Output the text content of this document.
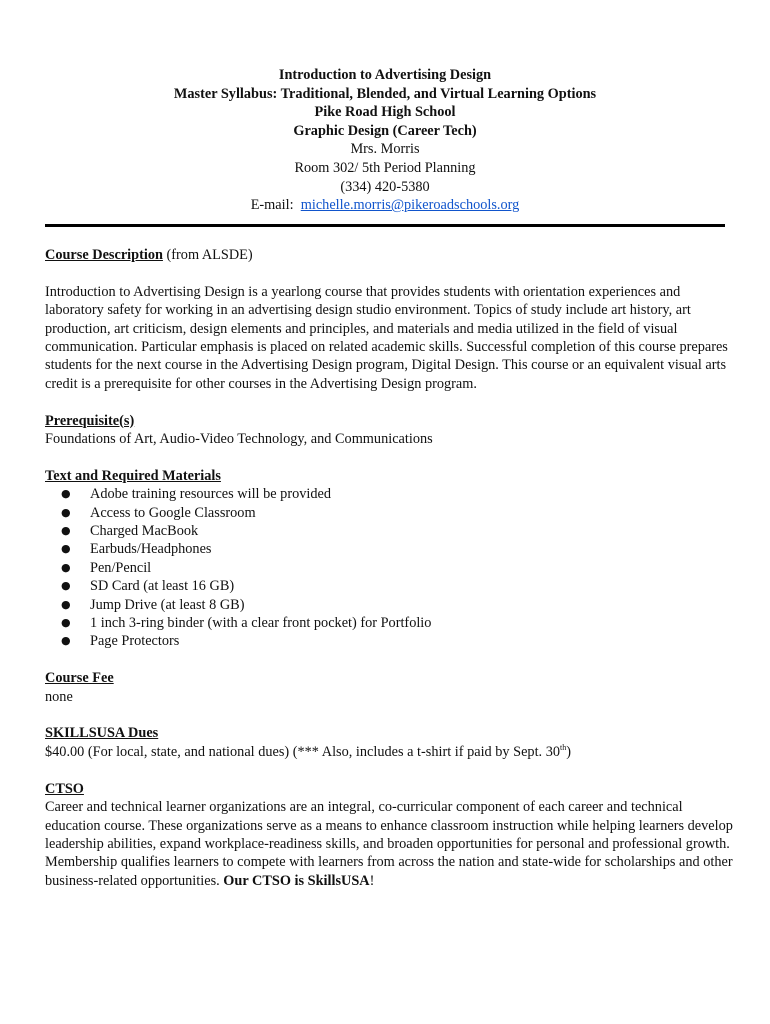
Introduction to Advertising Design
Master Syllabus: Traditional, Blended, and Virtual Learning Options
Pike Road High School
Graphic Design (Career Tech)
Mrs. Morris
Room 302/ 5th Period Planning
(334) 420-5380
E-mail: michelle.morris@pikeroadschools.org
Course Description (from ALSDE)

Introduction to Advertising Design is a yearlong course that provides students with orientation experiences and laboratory safety for working in an advertising design studio environment. Topics of study include art history, art production, art criticism, design elements and principles, and materials and media utilized in the field of visual communication. Particular emphasis is placed on related academic skills. Successful completion of this course prepares students for the next course in the Advertising Design program, Digital Design. This course or an equivalent visual arts credit is a prerequisite for other courses in the Advertising Design program.

Prerequisite(s)
Foundations of Art, Audio-Video Technology, and Communications
Text and Required Materials
● Adobe training resources will be provided
● Access to Google Classroom
● Charged MacBook
● Earbuds/Headphones
● Pen/Pencil
● SD Card (at least 16 GB)
● Jump Drive (at least 8 GB)
● 1 inch 3-ring binder (with a clear front pocket) for Portfolio
● Page Protectors
Course Fee
none
SKILLSUSA Dues
$40.00 (For local, state, and national dues) (*** Also, includes a t-shirt if paid by Sept. 30th)
CTSO

Career and technical learner organizations are an integral, co-curricular component of each career and technical education course. These organizations serve as a means to enhance classroom instruction while helping learners develop leadership abilities, expand workplace-readiness skills, and broaden opportunities for personal and professional growth. Membership qualifies learners to compete with learners from across the nation and state-wide for scholarships and other business-related opportunities. Our CTSO is SkillsUSA!
